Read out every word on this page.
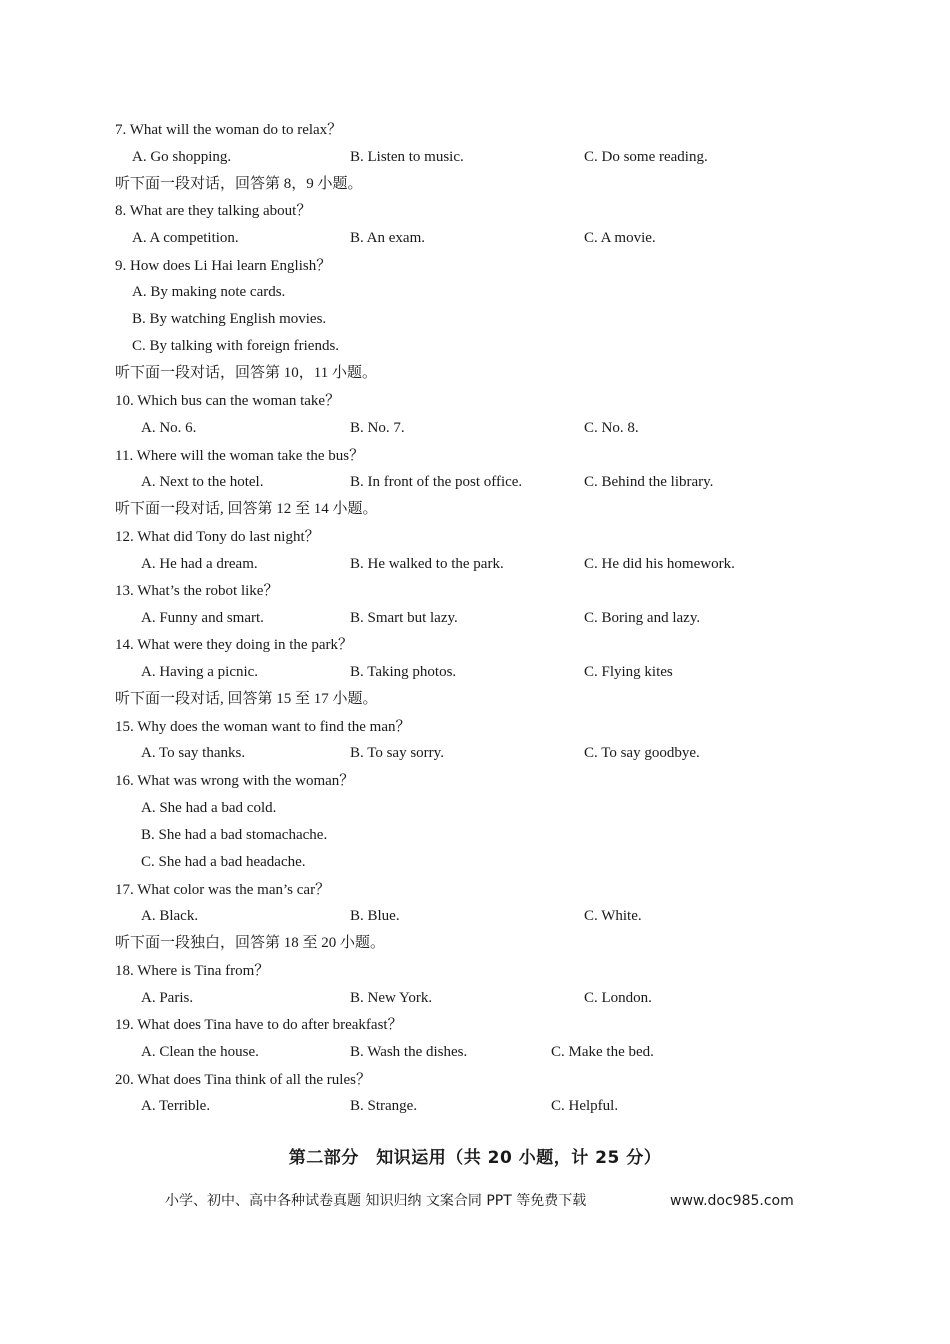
7. What will the woman do to relax？
A. Go shopping.	B. Listen to music.	C. Do some reading.
听下面一段对话，回答第 8，9 小题。
8. What are they talking about？
A. A competition.	B. An exam.	C. A movie.
9. How does Li Hai learn English？
A. By making note cards.
B. By watching English movies.
C. By talking with foreign friends.
听下面一段对话，回答第 10，11 小题。
10. Which bus can the woman take？
A. No. 6.	B. No. 7.	C. No. 8.
11. Where will the woman take the bus？
A. Next to the hotel.	B. In front of the post office.	C. Behind the library.
听下面一段对话, 回答第 12 至 14 小题。
12. What did Tony do last night？
A. He had a dream.	B. He walked to the park.	C. He did his homework.
13. What’s the robot like？
A. Funny and smart.	B. Smart but lazy.	C. Boring and lazy.
14. What were they doing in the park？
A. Having a picnic.	B. Taking photos.	C. Flying kites
听下面一段对话, 回答第 15 至 17 小题。
15. Why does the woman want to find the man？
A. To say thanks.	B. To say sorry.	C. To say goodbye.
16. What was wrong with the woman？
A. She had a bad cold.
B. She had a bad stomachache.
C. She had a bad headache.
17. What color was the man’s car？
A. Black.	B. Blue.	C. White.
听下面一段独白，回答第 18 至 20 小题。
18. Where is Tina from？
A. Paris.	B. New York.	C. London.
19. What does Tina have to do after breakfast？
A. Clean the house.	B. Wash the dishes.	C. Make the bed.
20. What does Tina think of all the rules？
A. Terrible.	B. Strange.	C. Helpful.
第二部分　知识运用（共 20 小题，计 25 分）
小学、初中、高中各种试卷真题 知识归纳 文案合同 PPT 等免费下载	www.doc985.com
